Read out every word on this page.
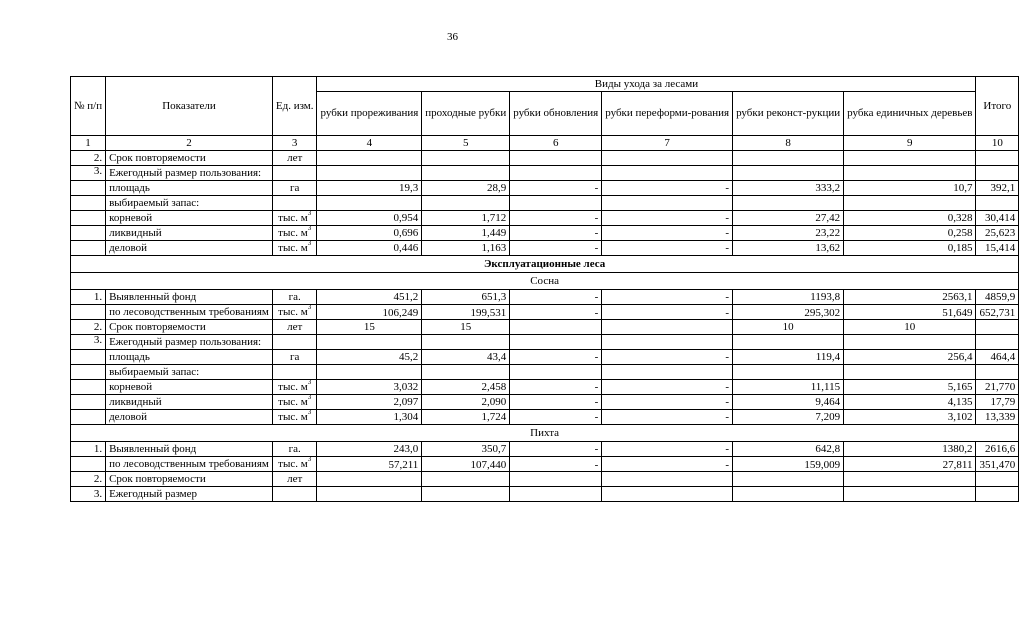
36
№ п/п	Показатели	Ед. изм.	Виды ухода за лесами						Итого
			рубки прореживания	проходные рубки	рубки обновления	рубки переформи-рования	рубки реконст-рукции	рубка единичных деревьев	
1	2	3	4	5	6	7	8	9	10
2.	Срок повторяемости	лет							
3.	Ежегодный размер пользования:								
	площадь	га	19,3	28,9	-	-	333,2	10,7	392,1
	выбираемый запас:								
	корневой	тыс. $м^3$	0,954	1,712	-	-	27,42	0,328	30,414
	ликвидный	тыс. $м^3$	0,696	1,449	-	-	23,22	0,258	25,623
	деловой	тыс. $м^3$	0,446	1,163	-	-	13,62	0,185	15,414
Эксплуатационные леса									
Сосна									
1.	Выявленный фонд	га.	451,2	651,3	-	-	1193,8	2563,1	4859,9
	по лесоводственным требованиям	тыс. $м^3$	106,249	199,531	-	-	295,302	51,649	652,731
2.	Срок повторяемости	лет	15	15			10	10	
3.	Ежегодный размер пользования:								
	площадь	га	45,2	43,4	-	-	119,4	256,4	464,4
	выбираемый запас:								
	корневой	тыс. $м^3$	3,032	2,458	-	-	11,115	5,165	21,770
	ликвидный	тыс. $м^3$	2,097	2,090	-	-	9,464	4,135	17,79
	деловой	тыс. $м^3$	1,304	1,724	-	-	7,209	3,102	13,339
Пихта									
1.	Выявленный фонд	га.	243,0	350,7	-	-	642,8	1380,2	2616,6
	по лесоводственным требованиям	тыс. $м^3$	57,211	107,440	-	-	159,009	27,811	351,470
2.	Срок повторяемости	лет							
3.	Ежегодный размер								
